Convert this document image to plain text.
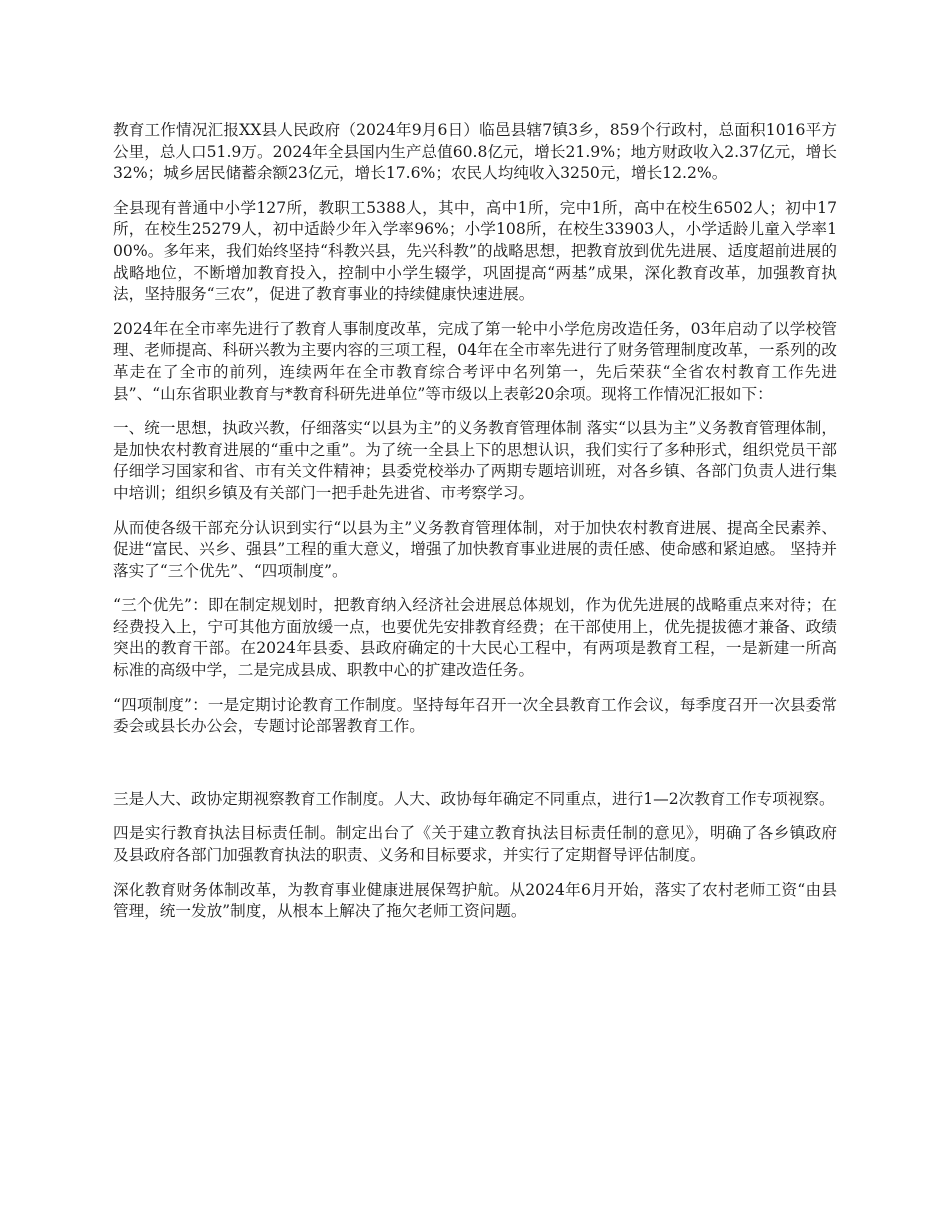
教育工作情况汇报XX县人民政府（2024年9月6日）临邑县辖7镇3乡，859个行政村，总面积1016平方公里，总人口51.9万。2024年全县国内生产总值60.8亿元，增长21.9%；地方财政收入2.37亿元，增长32%；城乡居民储蓄余额23亿元，增长17.6%；农民人均纯收入3250元，增长12.2%。

全县现有普通中小学127所，教职工5388人，其中，高中1所，完中1所，高中在校生6502人；初中17所，在校生25279人，初中适龄少年入学率96%；小学108所，在校生33903人，小学适龄儿童入学率100%。多年来，我们始终坚持“科教兴县，先兴科教”的战略思想，把教育放到优先进展、适度超前进展的战略地位，不断增加教育投入，控制中小学生辍学，巩固提高“两基”成果，深化教育改革，加强教育执法，坚持服务“三农”，促进了教育事业的持续健康快速进展。

2024年在全市率先进行了教育人事制度改革，完成了第一轮中小学危房改造任务，03年启动了以学校管理、老师提高、科研兴教为主要内容的三项工程，04年在全市率先进行了财务管理制度改革，一系列的改革走在了全市的前列，连续两年在全市教育综合考评中名列第一，先后荣获“全省农村教育工作先进县”、“山东省职业教育与*教育科研先进单位”等市级以上表彰20余项。现将工作情况汇报如下：

一、统一思想，执政兴教，仔细落实“以县为主”的义务教育管理体制 落实“以县为主”义务教育管理体制，是加快农村教育进展的“重中之重”。为了统一全县上下的思想认识，我们实行了多种形式，组织党员干部仔细学习国家和省、市有关文件精神；县委党校举办了两期专题培训班，对各乡镇、各部门负责人进行集中培训；组织乡镇及有关部门一把手赴先进省、市考察学习。

从而使各级干部充分认识到实行“以县为主”义务教育管理体制，对于加快农村教育进展、提高全民素养、促进“富民、兴乡、强县”工程的重大意义，增强了加快教育事业进展的责任感、使命感和紧迫感。 坚持并落实了“三个优先”、“四项制度”。

“三个优先”：即在制定规划时，把教育纳入经济社会进展总体规划，作为优先进展的战略重点来对待；在经费投入上，宁可其他方面放缓一点，也要优先安排教育经费；在干部使用上，优先提拔德才兼备、政绩突出的教育干部。在2024年县委、县政府确定的十大民心工程中，有两项是教育工程，一是新建一所高标准的高级中学，二是完成县成、职教中心的扩建改造任务。

“四项制度”：一是定期讨论教育工作制度。坚持每年召开一次全县教育工作会议，每季度召开一次县委常委会或县长办公会，专题讨论部署教育工作。

三是人大、政协定期视察教育工作制度。人大、政协每年确定不同重点，进行1—2次教育工作专项视察。

四是实行教育执法目标责任制。制定出台了《关于建立教育执法目标责任制的意见》，明确了各乡镇政府及县政府各部门加强教育执法的职责、义务和目标要求，并实行了定期督导评估制度。

深化教育财务体制改革，为教育事业健康进展保驾护航。从2024年6月开始，落实了农村老师工资“由县管理，统一发放”制度，从根本上解决了拖欠老师工资问题。
